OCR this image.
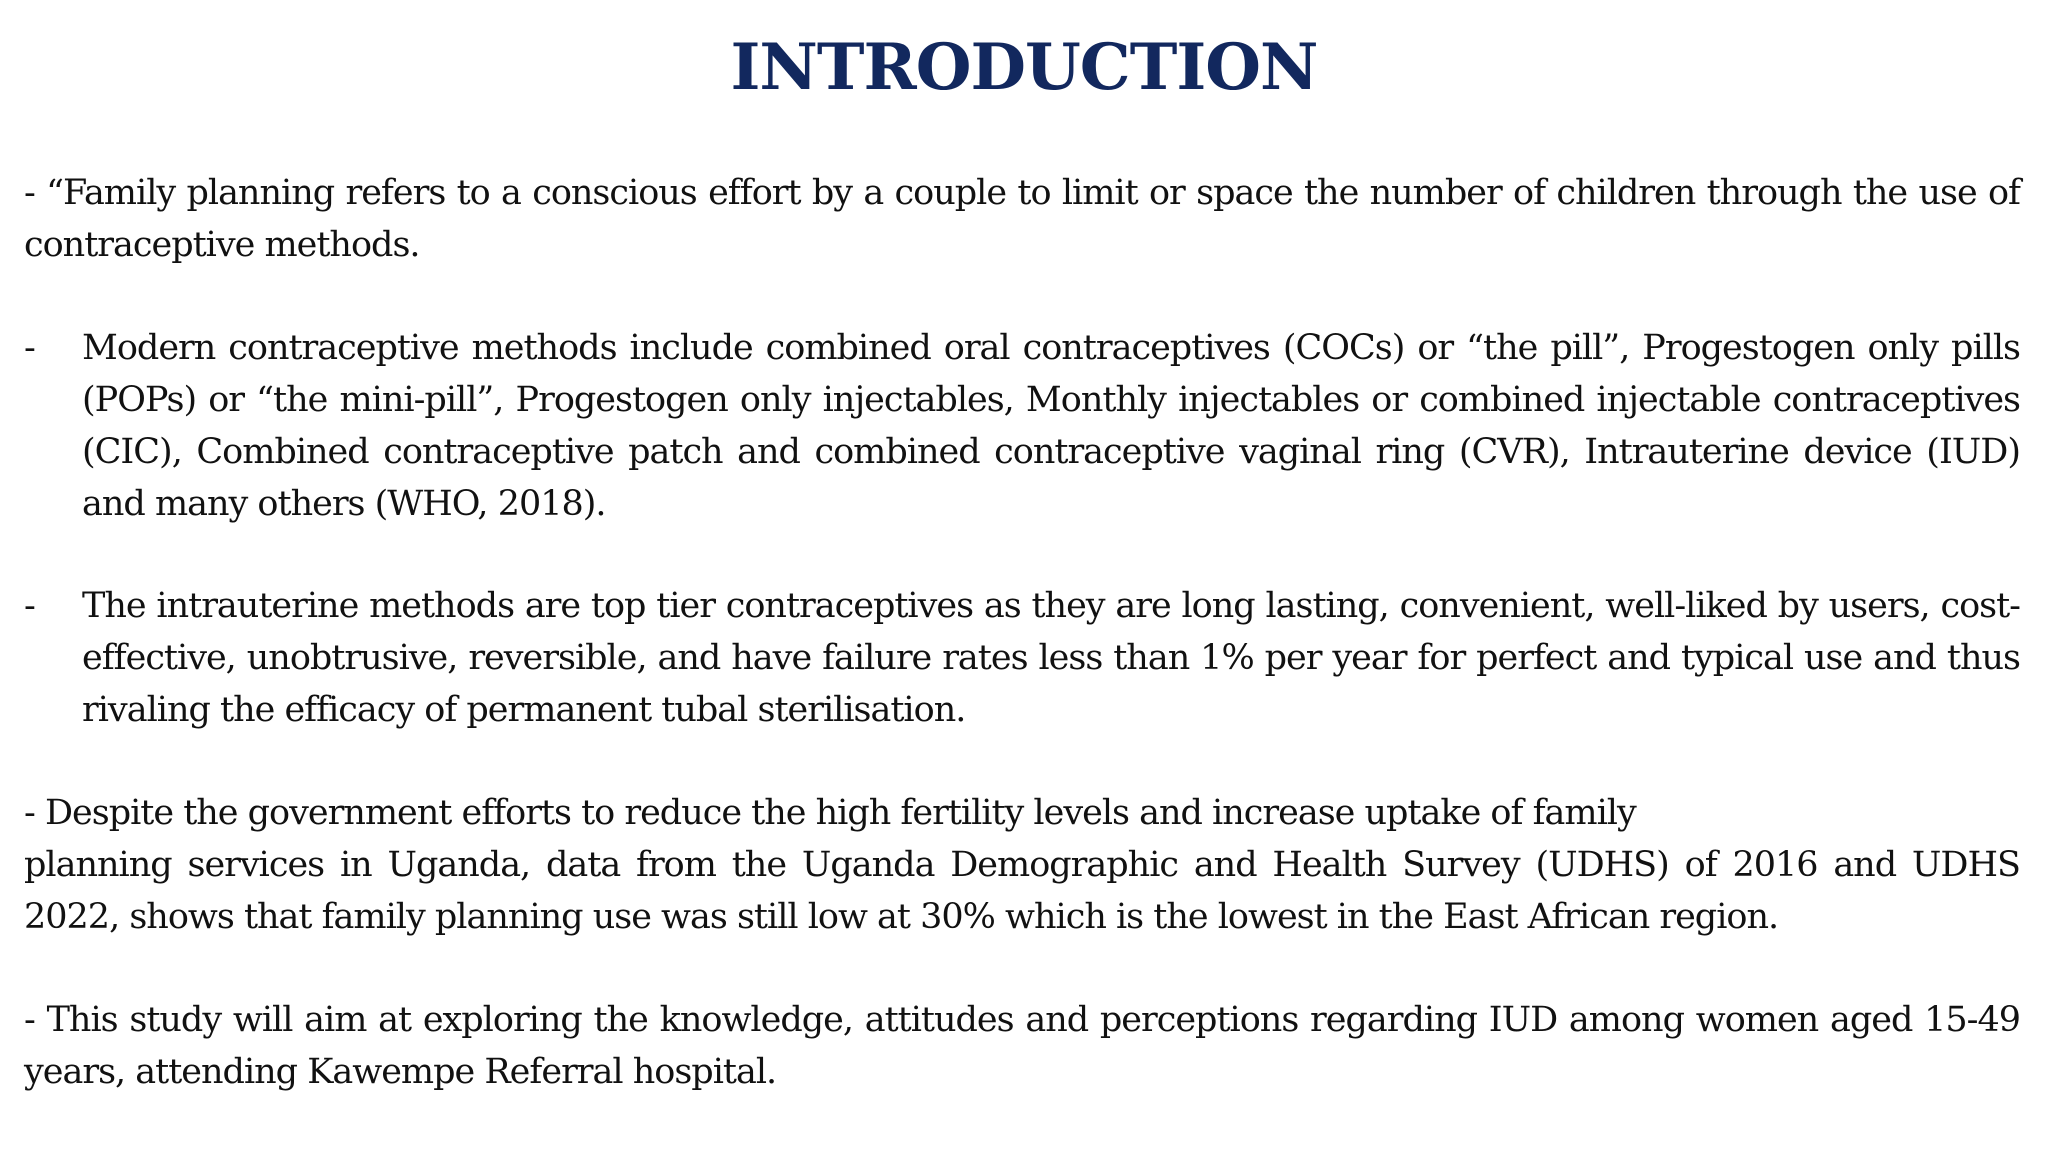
INTRODUCTION

- “Family planning refers to a conscious effort by a couple to limit or space the number of children through the use of contraceptive methods.

-	Modern contraceptive methods include combined oral contraceptives (COCs) or “the pill”, Progestogen only pills (POPs) or “the mini-pill”, Progestogen only injectables, Monthly injectables or combined injectable contraceptives (CIC), Combined contraceptive patch and combined contraceptive vaginal ring (CVR), Intrauterine device (IUD) and many others (WHO, 2018).
-	The intrauterine methods are top tier contraceptives as they are long lasting, convenient, well-liked by users, cost-effective, unobtrusive, reversible, and have failure rates less than 1% per year for perfect and typical use and thus rivaling the efficacy of permanent tubal sterilisation.
- Despite the government efforts to reduce the high fertility levels and increase uptake of family
planning services in Uganda, data from the Uganda Demographic and Health Survey (UDHS) of 2016 and UDHS 2022, shows that family planning use was still low at 30% which is the lowest in the East African region.

- This study will aim at exploring the knowledge, attitudes and perceptions regarding IUD among women aged 15-49 years, attending Kawempe Referral hospital.
